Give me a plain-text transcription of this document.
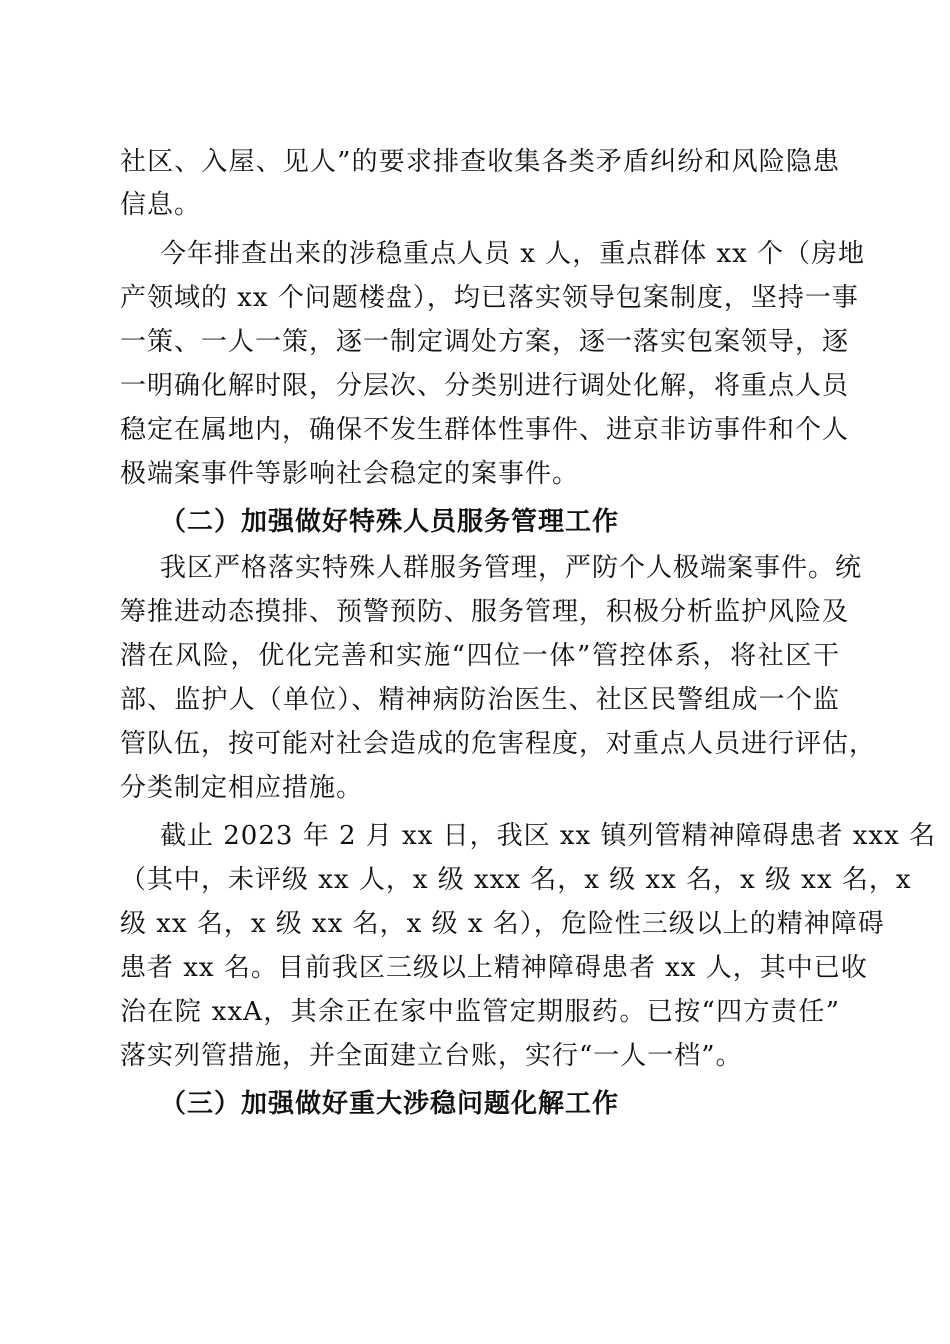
社区、入屋、见人”的要求排查收集各类矛盾纠纷和风险隐患
信息。
今年排查出来的涉稳重点人员 x 人，重点群体 xx 个（房地
产领域的 xx 个问题楼盘），均已落实领导包案制度，坚持一事
一策、一人一策，逐一制定调处方案，逐一落实包案领导，逐
一明确化解时限，分层次、分类别进行调处化解，将重点人员
稳定在属地内，确保不发生群体性事件、进京非访事件和个人
极端案事件等影响社会稳定的案事件。
（二）加强做好特殊人员服务管理工作
我区严格落实特殊人群服务管理，严防个人极端案事件。统
筹推进动态摸排、预警预防、服务管理，积极分析监护风险及
潜在风险，优化完善和实施“四位一体”管控体系，将社区干
部、监护人（单位）、精神病防治医生、社区民警组成一个监
管队伍，按可能对社会造成的危害程度，对重点人员进行评估，
分类制定相应措施。
截止 2023 年 2 月 xx 日，我区 xx 镇列管精神障碍患者 xxx 名
（其中，未评级 xx 人，x 级 xxx 名，x 级 xx 名，x 级 xx 名，x
级 xx 名，x 级 xx 名，x 级 x 名），危险性三级以上的精神障碍
患者 xx 名。目前我区三级以上精神障碍患者 xx 人，其中已收
治在院 xxA，其余正在家中监管定期服药。已按“四方责任”
落实列管措施，并全面建立台账，实行“一人一档”。
（三）加强做好重大涉稳问题化解工作
